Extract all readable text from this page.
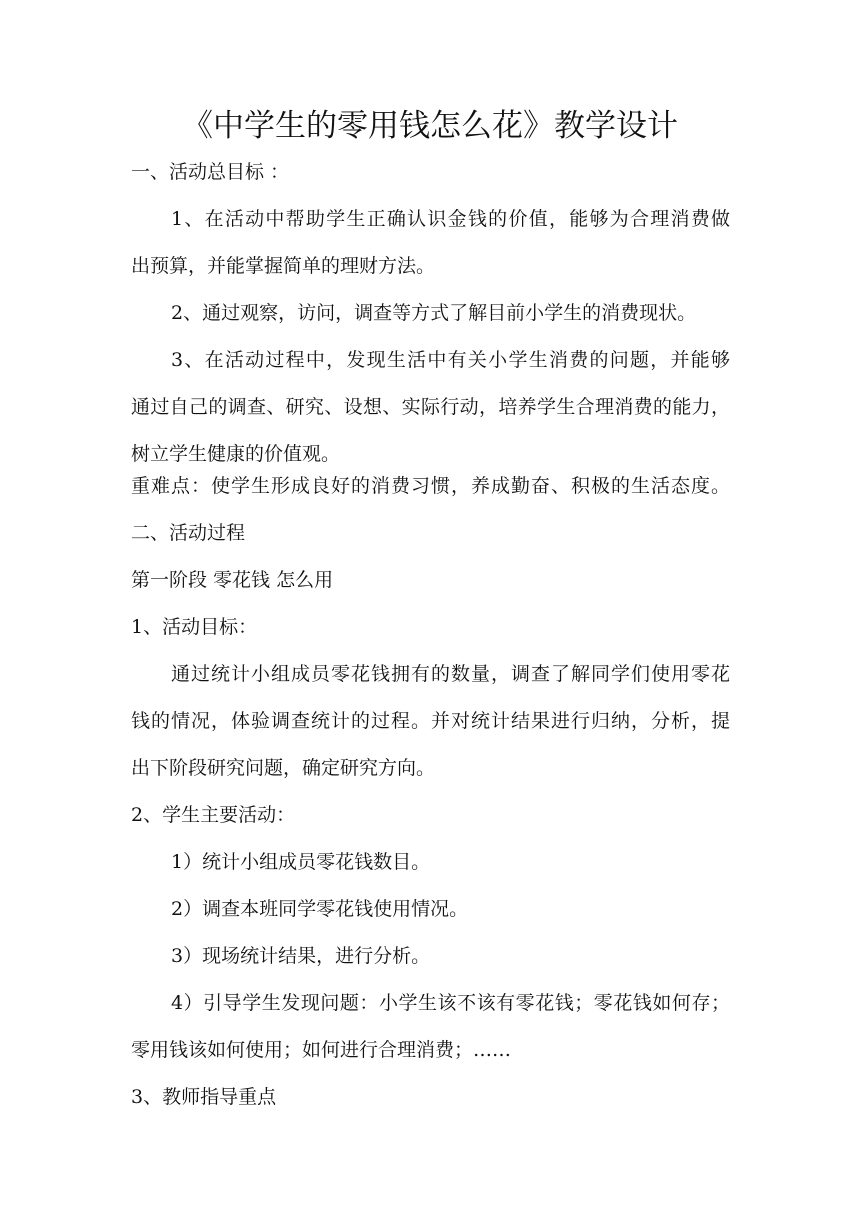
《中学生的零用钱怎么花》教学设计
一、活动总目标 ：
1、在活动中帮助学生正确认识金钱的价值，能够为合理消费做
出预算，并能掌握简单的理财方法。
2、通过观察，访问，调查等方式了解目前小学生的消费现状。
3、在活动过程中，发现生活中有关小学生消费的问题，并能够
通过自己的调查、研究、设想、实际行动，培养学生合理消费的能力，
树立学生健康的价值观。
重难点：使学生形成良好的消费习惯，养成勤奋、积极的生活态度。
二、活动过程
第一阶段 零花钱 怎么用
1、活动目标：
通过统计小组成员零花钱拥有的数量，调查了解同学们使用零花
钱的情况，体验调查统计的过程。并对统计结果进行归纳，分析，提
出下阶段研究问题，确定研究方向。
2、学生主要活动：
1）统计小组成员零花钱数目。
2）调查本班同学零花钱使用情况。
3）现场统计结果，进行分析。
4）引导学生发现问题：小学生该不该有零花钱；零花钱如何存；
零用钱该如何使用；如何进行合理消费；……
3、教师指导重点
